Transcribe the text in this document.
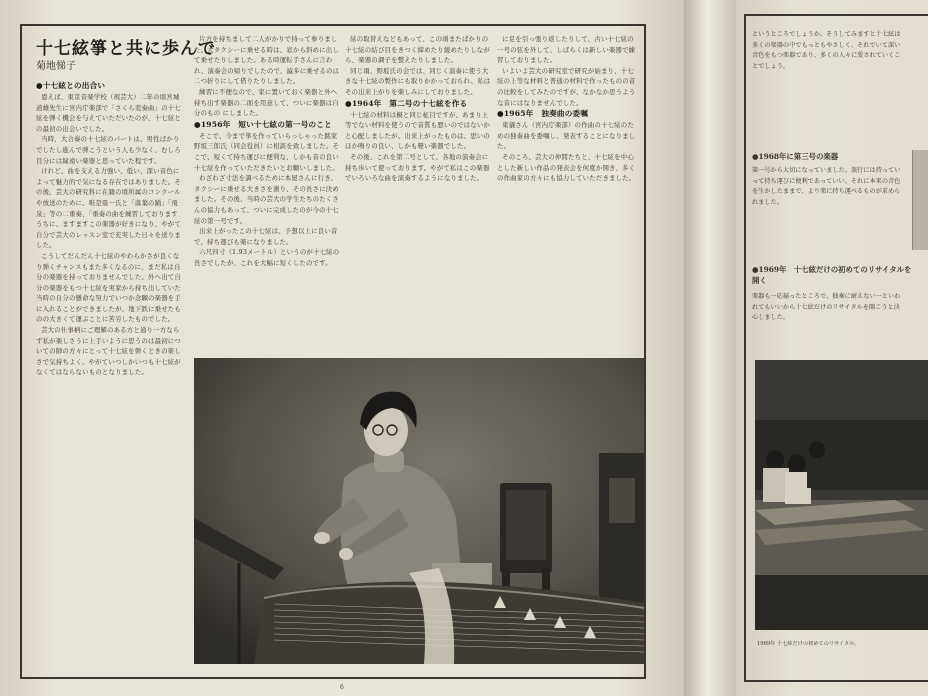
十七絃箏と共に歩んで
菊地悌子

●十七絃との出合い

恩えば、東京音楽学校（現芸大）二年の頃宮城道雄先生に宮内庁楽部で「さくら変奏曲」の十七絃を弾く機会を与えていただいたのが、十七絃との最初の出会いでした。

当時、大合奏の十七絃のパートは、男性ばかりでしたし進んで弾こうという人も少なく、むしろ目分には縁遠い楽器と思っていた程です。

けれど、曲を支える力強い、低い、深い音色によって魅力的で気になる存在ではありました。その後、芸大の研究科に在籍の頃所属のコンクールや放送のために、唯是震一氏と「落葉の踊」「飛泉」等の二重奏、「重奏の曲を練習しておりますうちに、ますますこの楽器が好きになり、やがて自分で芸大のレッスン室で充実した日々を送りました。

こうしてだんだん十七絃のやわらかさが良くなり弾くチャンスもまた多くなるのに、まだ私は自分の楽器を持っておりませんでした。外へ出て自分の楽器をもつ十七絃を実家から持ち出していた当時の自分の懸命な努力でいつか念願の楽器を手に入れることができましたが、地下鉄に乗せたものの大きくて運ぶことに苦労したものでした。

芸大の仕事柄にご理解のある方と通り一方ならず私が楽しさうに上手いように思うのは最初についての師の方々にとって十七絃を弾くときの楽しさで気持ちよく、やがていつしかいつも十七絃がなくてはならないものとなりました。

片方を持ちまして二人がかりで持って参りました。大タクシーに乗せる時は、窓から斜めに出して乗せたりしました。ある時運転手さんに言われ、演奏会の帰りでしたので、滅多に乗せるのは二つ折りにして借りたりしました。

練習に不便なので、家に置いておく楽器と外へ持ち出す楽器の二面を用意して、ついに楽器は自分のもの にしました。

●1956年　短い十七絃の第一号のこと

そこで、今まで箏を作っていらっしゃった銘家野坂三郎氏（同会役員）に相談を致しました。そこで、短くて持ち運びに便利な、しかも音の良い十七絃を作っていただきたいとお願いしました。

わざわざ寸法を調べるために本屋さんに行き、タクシーに乗せる大きさを測り、その長さに決めました。その後、当時の芸大の学生たちのたくさんの協力もあって、ついに完成したのが今の十七絃の第一号です。

出来上がったこの十七絃は、予想以上に良い音で、持ち運びも楽になりました。

六尺四寸（1.93メートル）というのが十七絃の長さでしたが、これを大幅に短くしたのです。

絃の取替えなどもあって、この頃またばかりの十七絃の結び目をきつく締めたり緩めたりしながら、楽器の調子を整えたりしました。

同じ頃、野坂氏の会では、同じく演奏に使う大きな十七絃の製作にも取りかかっておられ、私はその出来上がりを楽しみにしておりました。

●1964年　第二号の十七絃を作る

十七絃の材料は桐と同じ柾目ですが、あまり上等でない材料を使うので音質も悪いのではないかと心配しましたが、出来上がったものは、思いのほか鳴りの良い、しかも軽い楽器でした。

その後、これを第二号として、各地の演奏会に持ち歩いて使っております。やがて私はこの楽器でいろいろな曲を演奏するようになりました。

に足を引っ張り返したりして、古い十七絃の一号の弦を外して、しばらくは新しい楽器で練習しておりました。

いよいよ芸大の研究室で研究が始まり、十七絃の上等な材料と普通の材料で作ったものの音の比較をしてみたのですが、なかなか思うような音にはなりませんでした。

●1965年　独奏曲の委嘱

東儀さん（宮内庁楽部）の作曲の十七絃のための独奏曲を委嘱し、発表することになりました。

そのころ、芸大の仲間たちと、十七絃を中心とした新しい作品の発表会を何度か開き、多くの作曲家の方々にも協力していただきました。

6

というところでしょうか。そうしてみますと十七絃は多くの楽器の中でもっともやさしく、それでいて深い音色をもつ楽器であり、多くの人々に愛されていくことでしょう。

●1968年に第三号の楽器

第一号から大切になっていました。旅行には持っていって持ち運びに便利であっていい、それに本来の音色を生かしたままで、より楽に持ち運べるものが求められました。

●1969年　十七絃だけの初めてのリサイタルを開く

楽器も一応揃ったところで、独奏に耐えない一といわれてもいいから十七絃だけのリサイタルを開こうと決心しました。

1969年 十七絃だけの初めてのリサイタル。
